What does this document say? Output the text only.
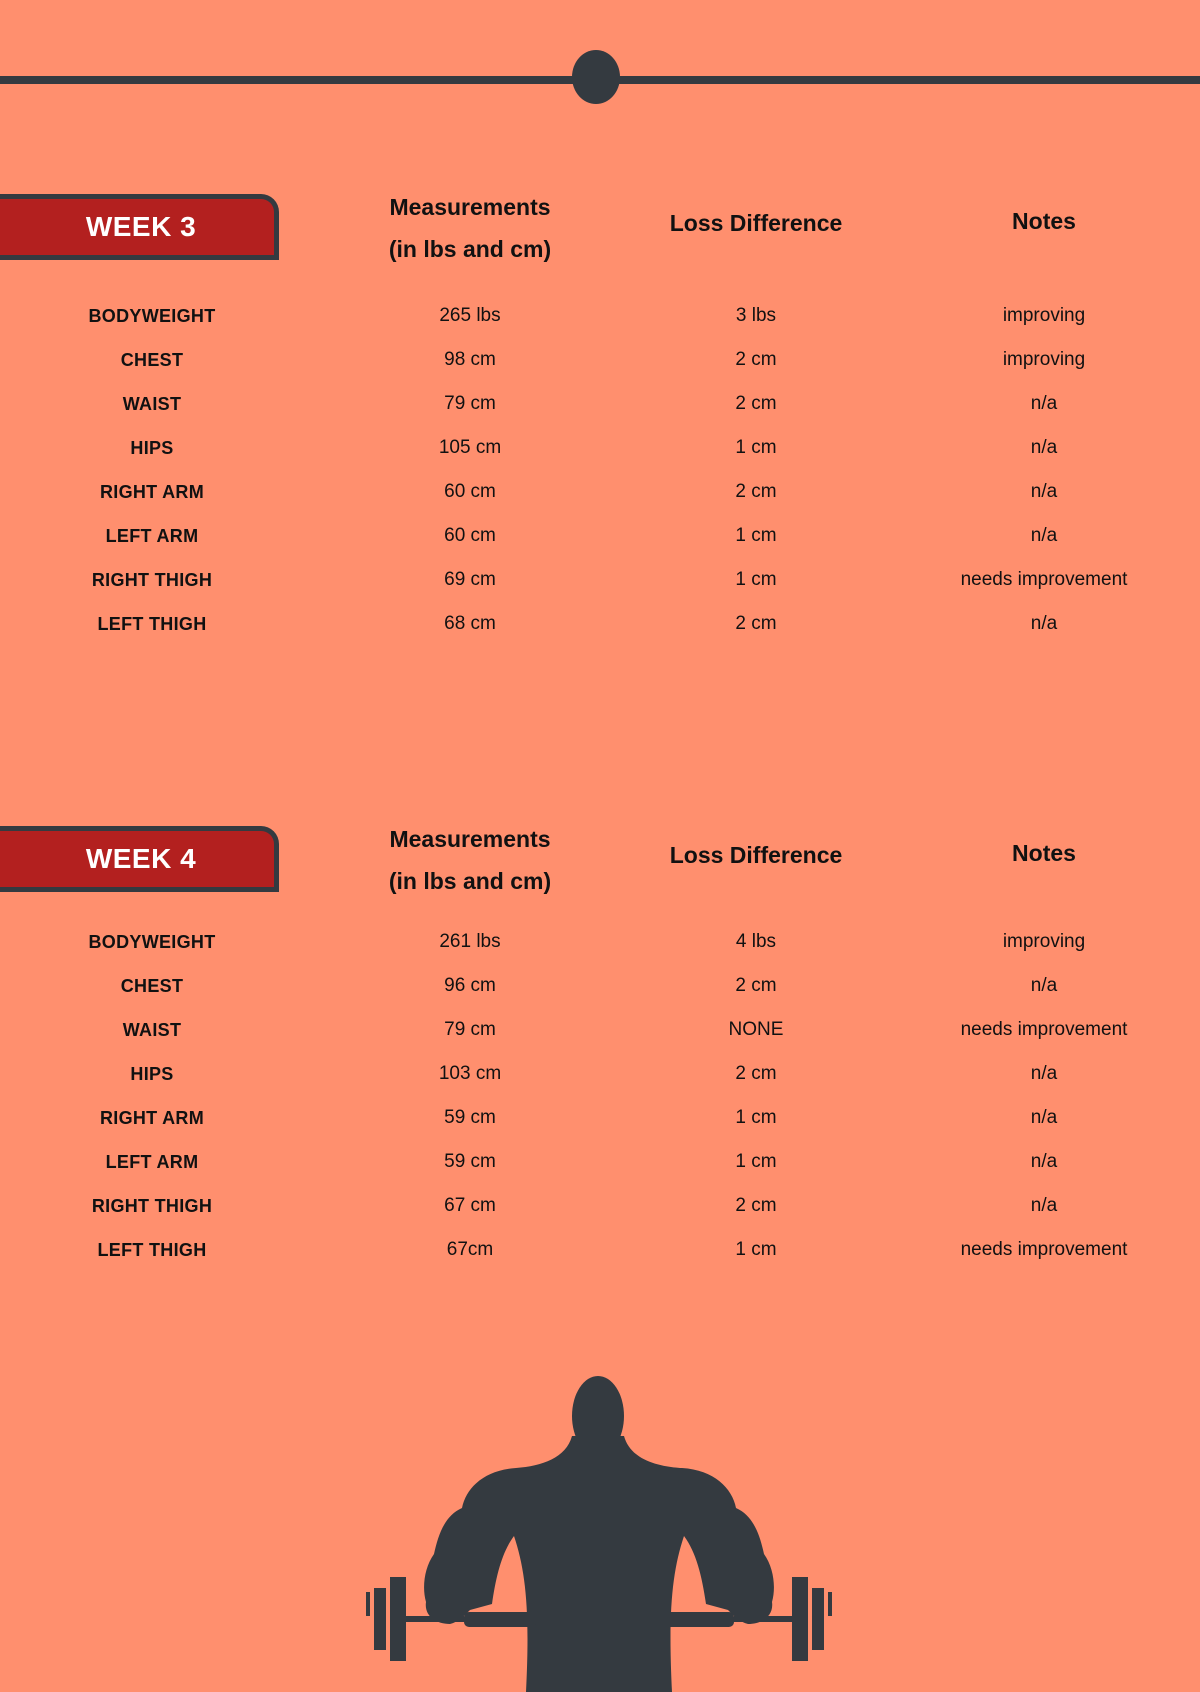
WEEK 3
Measurements
(in lbs and cm)
Loss Difference	Notes
BODYWEIGHT	265 lbs	3 lbs	improving
CHEST	98 cm	2 cm	improving
WAIST	79 cm	2 cm	n/a
HIPS	105 cm	1 cm	n/a
RIGHT ARM	60 cm	2 cm	n/a
LEFT ARM	60 cm	1 cm	n/a
RIGHT THIGH	69 cm	1 cm	needs improvement
LEFT THIGH	68 cm	2 cm	n/a
WEEK 4
Measurements
(in lbs and cm)
Loss Difference	Notes
BODYWEIGHT	261 lbs	4 lbs	improving
CHEST	96 cm	2 cm	n/a
WAIST	79 cm	NONE	needs improvement
HIPS	103 cm	2 cm	n/a
RIGHT ARM	59 cm	1 cm	n/a
LEFT ARM	59 cm	1 cm	n/a
RIGHT THIGH	67 cm	2 cm	n/a
LEFT THIGH	67cm	1 cm	needs improvement
